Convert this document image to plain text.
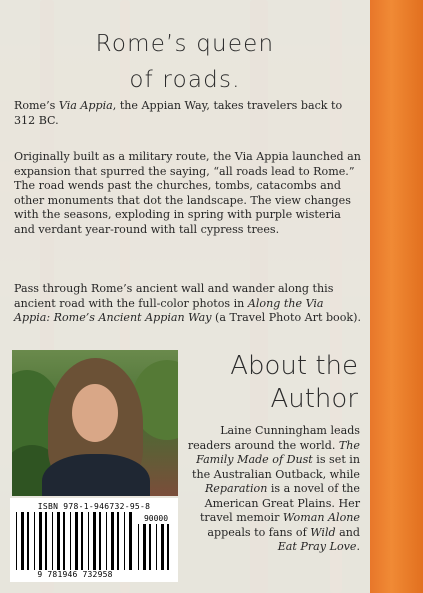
Rome’s queen
of roads.

Rome’s Via Appia, the Appian Way, takes travelers back to 312 BC.

Originally built as a military route, the Via Appia launched an expansion that spurred the saying, “all roads lead to Rome.” The road wends past the churches, tombs, catacombs and other monuments that dot the landscape. The view changes with the seasons, exploding in spring with purple wisteria and verdant year-round with tall cypress trees.

Pass through Rome’s ancient wall and wander along this ancient road with the full-color photos in Along the Via Appia: Rome’s Ancient Appian Way (a Travel Photo Art book).

About the
Author

Laine Cunningham leads readers around the world. The Family Made of Dust is set in the Australian Outback, while Reparation is a novel of the American Great Plains. Her travel memoir Woman Alone appeals to fans of Wild and Eat Pray Love.

ISBN 978-1-946732-95-8
90000
9 781946 732958
